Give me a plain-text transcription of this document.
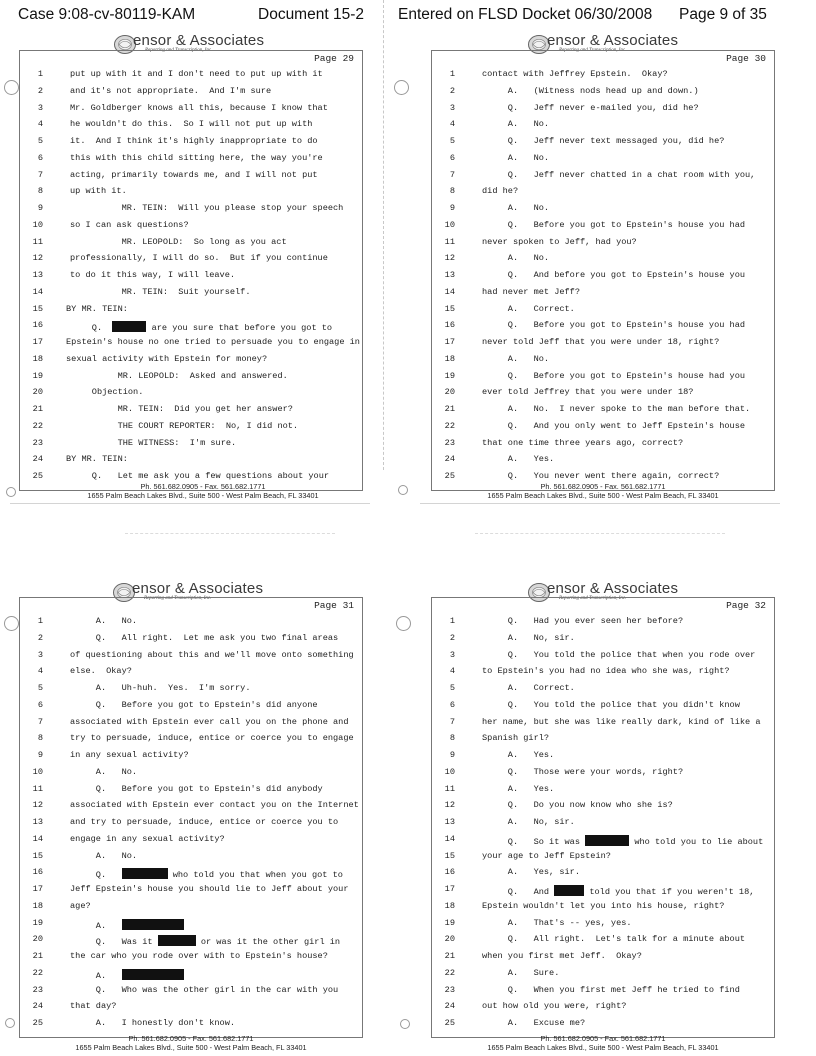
Case 9:08-cv-80119-KAM	Document 15-2 Entered on FLSD Docket 06/30/2008 Page 9 of 35
ensor & Associates
Reporting and Transcription, Inc.
Page 29
1	put up with it and I don't need to put up with it
2	and it's not appropriate.  And I'm sure
3	Mr. Goldberger knows all this, because I know that
4	he wouldn't do this.  So I will not put up with
5	it.  And I think it's highly inappropriate to do
6	this with this child sitting here, the way you're
7	acting, primarily towards me, and I will not put
8	up with it.
9	MR. TEIN:  Will you please stop your speech
10	so I can ask questions?
11	MR. LEOPOLD:  So long as you act
12	professionally, I will do so.  But if you continue
13	to do it this way, I will leave.
14	MR. TEIN:  Suit yourself.
15	BY MR. TEIN:
16	Q.	are you sure that before you got to
17	Epstein's house no one tried to persuade you to engage in
18	sexual activity with Epstein for money?
19	MR. LEOPOLD:  Asked and answered.
20	Objection.
21	MR. TEIN:  Did you get her answer?
22	THE COURT REPORTER:  No, I did not.
23	THE WITNESS:  I'm sure.
24	BY MR. TEIN:
25	Q.   Let me ask you a few questions about your
Ph. 561.682.0905 - Fax. 561.682.1771
1655 Palm Beach Lakes Blvd., Suite 500 - West Palm Beach, FL 33401
ensor & Associates
Reporting and Transcription, Inc.
Page 30
1	contact with Jeffrey Epstein.  Okay?
2	A.   (Witness nods head up and down.)
3	Q.   Jeff never e-mailed you, did he?
4	A.   No.
5	Q.   Jeff never text messaged you, did he?
6	A.   No.
7	Q.   Jeff never chatted in a chat room with you,
8	did he?
9	A.   No.
10	Q.   Before you got to Epstein's house you had
11	never spoken to Jeff, had you?
12	A.   No.
13	Q.   And before you got to Epstein's house you
14	had never met Jeff?
15	A.   Correct.
16	Q.   Before you got to Epstein's house you had
17	never told Jeff that you were under 18, right?
18	A.   No.
19	Q.   Before you got to Epstein's house had you
20	ever told Jeffrey that you were under 18?
21	A.   No.  I never spoke to the man before that.
22	Q.   And you only went to Jeff Epstein's house
23	that one time three years ago, correct?
24	A.   Yes.
25	Q.   You never went there again, correct?
Ph. 561.682.0905 - Fax. 561.682.1771
1655 Palm Beach Lakes Blvd., Suite 500 - West Palm Beach, FL 33401
ensor & Associates
Reporting and Transcription, Inc.
Page 31
1	A.   No.
2	Q.   All right.  Let me ask you two final areas
3	of questioning about this and we'll move onto something
4	else.  Okay?
5	A.   Uh-huh.  Yes.  I'm sorry.
6	Q.   Before you got to Epstein's did anyone
7	associated with Epstein ever call you on the phone and
8	try to persuade, induce, entice or coerce you to engage
9	in any sexual activity?
10	A.   No.
11	Q.   Before you got to Epstein's did anybody
12	associated with Epstein ever contact you on the Internet
13	and try to persuade, induce, entice or coerce you to
14	engage in any sexual activity?
15	A.   No.
16	Q.	who told you that when you got to
17	Jeff Epstein's house you should lie to Jeff about your
18	age?
19	A.
20	Q.   Was it	or was it the other girl in
21	the car who you rode over with to Epstein's house?
22	A.
23	Q.   Who was the other girl in the car with you
24	that day?
25	A.   I honestly don't know.
Ph. 561.682.0905 - Fax. 561.682.1771
1655 Palm Beach Lakes Blvd., Suite 500 - West Palm Beach, FL 33401
ensor & Associates
Reporting and Transcription, Inc.
Page 32
1	Q.   Had you ever seen her before?
2	A.   No, sir.
3	Q.   You told the police that when you rode over
4	to Epstein's you had no idea who she was, right?
5	A.   Correct.
6	Q.   You told the police that you didn't know
7	her name, but she was like really dark, kind of like a
8	Spanish girl?
9	A.   Yes.
10	Q.   Those were your words, right?
11	A.   Yes.
12	Q.   Do you now know who she is?
13	A.   No, sir.
14	Q.   So it was	who told you to lie about
15	your age to Jeff Epstein?
16	A.   Yes, sir.
17	Q.   And	told you that if you weren't 18,
18	Epstein wouldn't let you into his house, right?
19	A.   That's -- yes, yes.
20	Q.   All right.  Let's talk for a minute about
21	when you first met Jeff.  Okay?
22	A.   Sure.
23	Q.   When you first met Jeff he tried to find
24	out how old you were, right?
25	A.   Excuse me?
Ph. 561.682.0905 - Fax. 561.682.1771
1655 Palm Beach Lakes Blvd., Suite 500 - West Palm Beach, FL 33401
